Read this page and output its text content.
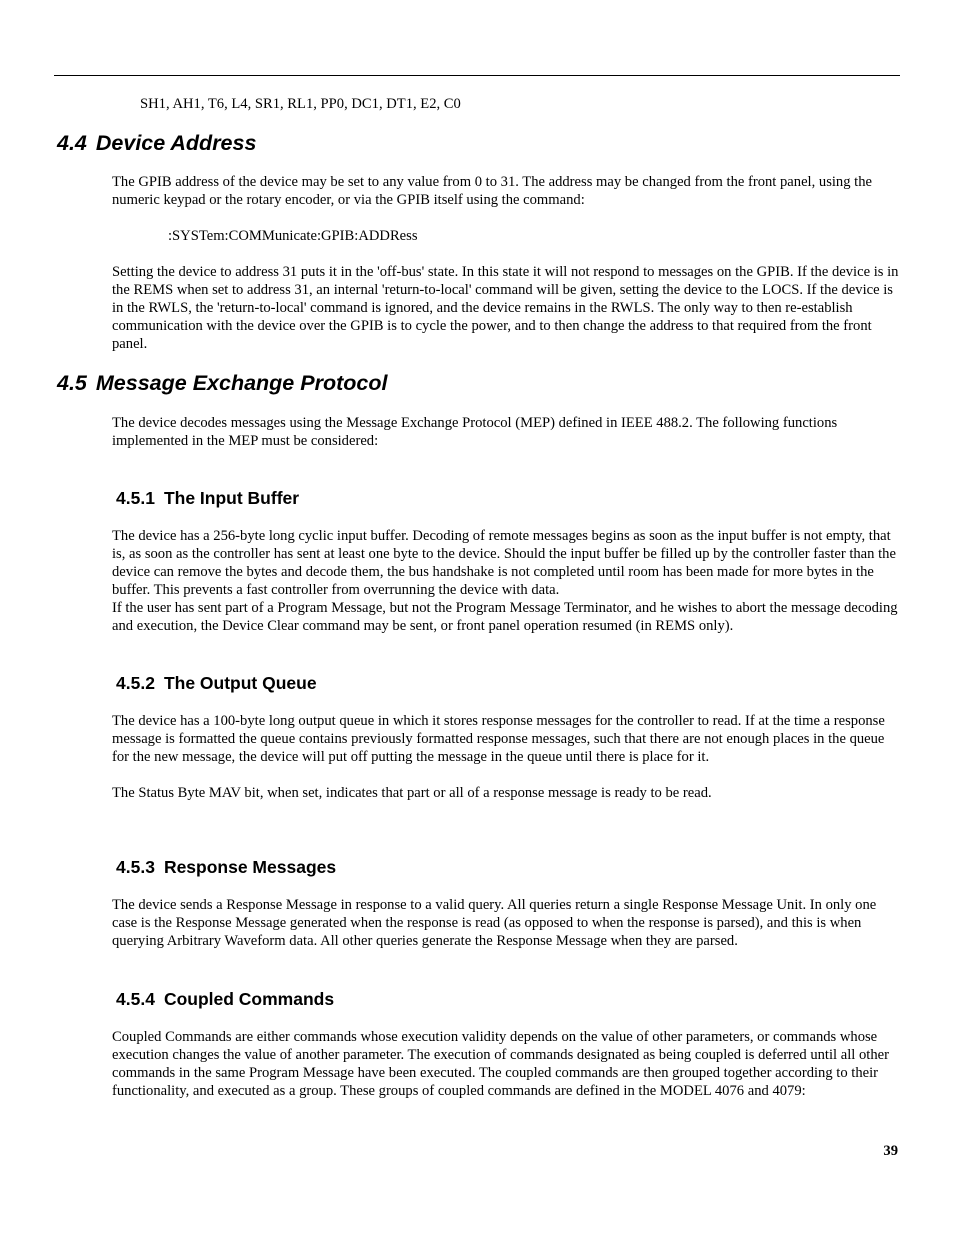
SH1, AH1, T6, L4, SR1, RL1, PP0, DC1, DT1, E2, C0

4.4 Device Address

The GPIB address of the device may be set to any value from 0 to 31. The address may be changed from the front panel, using the numeric keypad or the rotary encoder, or via the GPIB itself using the command:

:SYSTem:COMMunicate:GPIB:ADDRess

Setting the device to address 31 puts it in the 'off-bus' state. In this state it will not respond to messages on the GPIB. If the device is in the REMS when set to address 31, an internal 'return-to-local' command will be given, setting the device to the LOCS. If the device is in the RWLS, the 'return-to-local' command is ignored, and the device remains in the RWLS. The only way to then re-establish communication with the device over the GPIB is to cycle the power, and to then change the address to that required from the front panel.

4.5 Message Exchange Protocol

The device decodes messages using the Message Exchange Protocol (MEP) defined in IEEE 488.2. The following functions implemented in the MEP must be considered:

4.5.1 The Input Buffer

The device has a 256-byte long cyclic input buffer. Decoding of remote messages begins as soon as the input buffer is not empty, that is, as soon as the controller has sent at least one byte to the device. Should the input buffer be filled up by the controller faster than the device can remove the bytes and decode them, the bus handshake is not completed until room has been made for more bytes in the buffer. This prevents a fast controller from overrunning the device with data.

If the user has sent part of a Program Message, but not the Program Message Terminator, and he wishes to abort the message decoding and execution, the Device Clear command may be sent, or front panel operation resumed (in REMS only).

4.5.2 The Output Queue

The device has a 100-byte long output queue in which it stores response messages for the controller to read. If at the time a response message is formatted the queue contains previously formatted response messages, such that there are not enough places in the queue for the new message, the device will put off putting the message in the queue until there is place for it.

The Status Byte MAV bit, when set, indicates that part or all of a response message is ready to be read.

4.5.3 Response Messages

The device sends a Response Message in response to a valid query. All queries return a single Response Message Unit. In only one case is the Response Message generated when the response is read (as opposed to when the response is parsed), and this is when querying Arbitrary Waveform data. All other queries generate the Response Message when they are parsed.

4.5.4 Coupled Commands

Coupled Commands are either commands whose execution validity depends on the value of other parameters, or commands whose execution changes the value of another parameter. The execution of commands designated as being coupled is deferred until all other commands in the same Program Message have been executed. The coupled commands are then grouped together according to their functionality, and executed as a group. These groups of coupled commands are defined in the MODEL 4076 and 4079:

39
